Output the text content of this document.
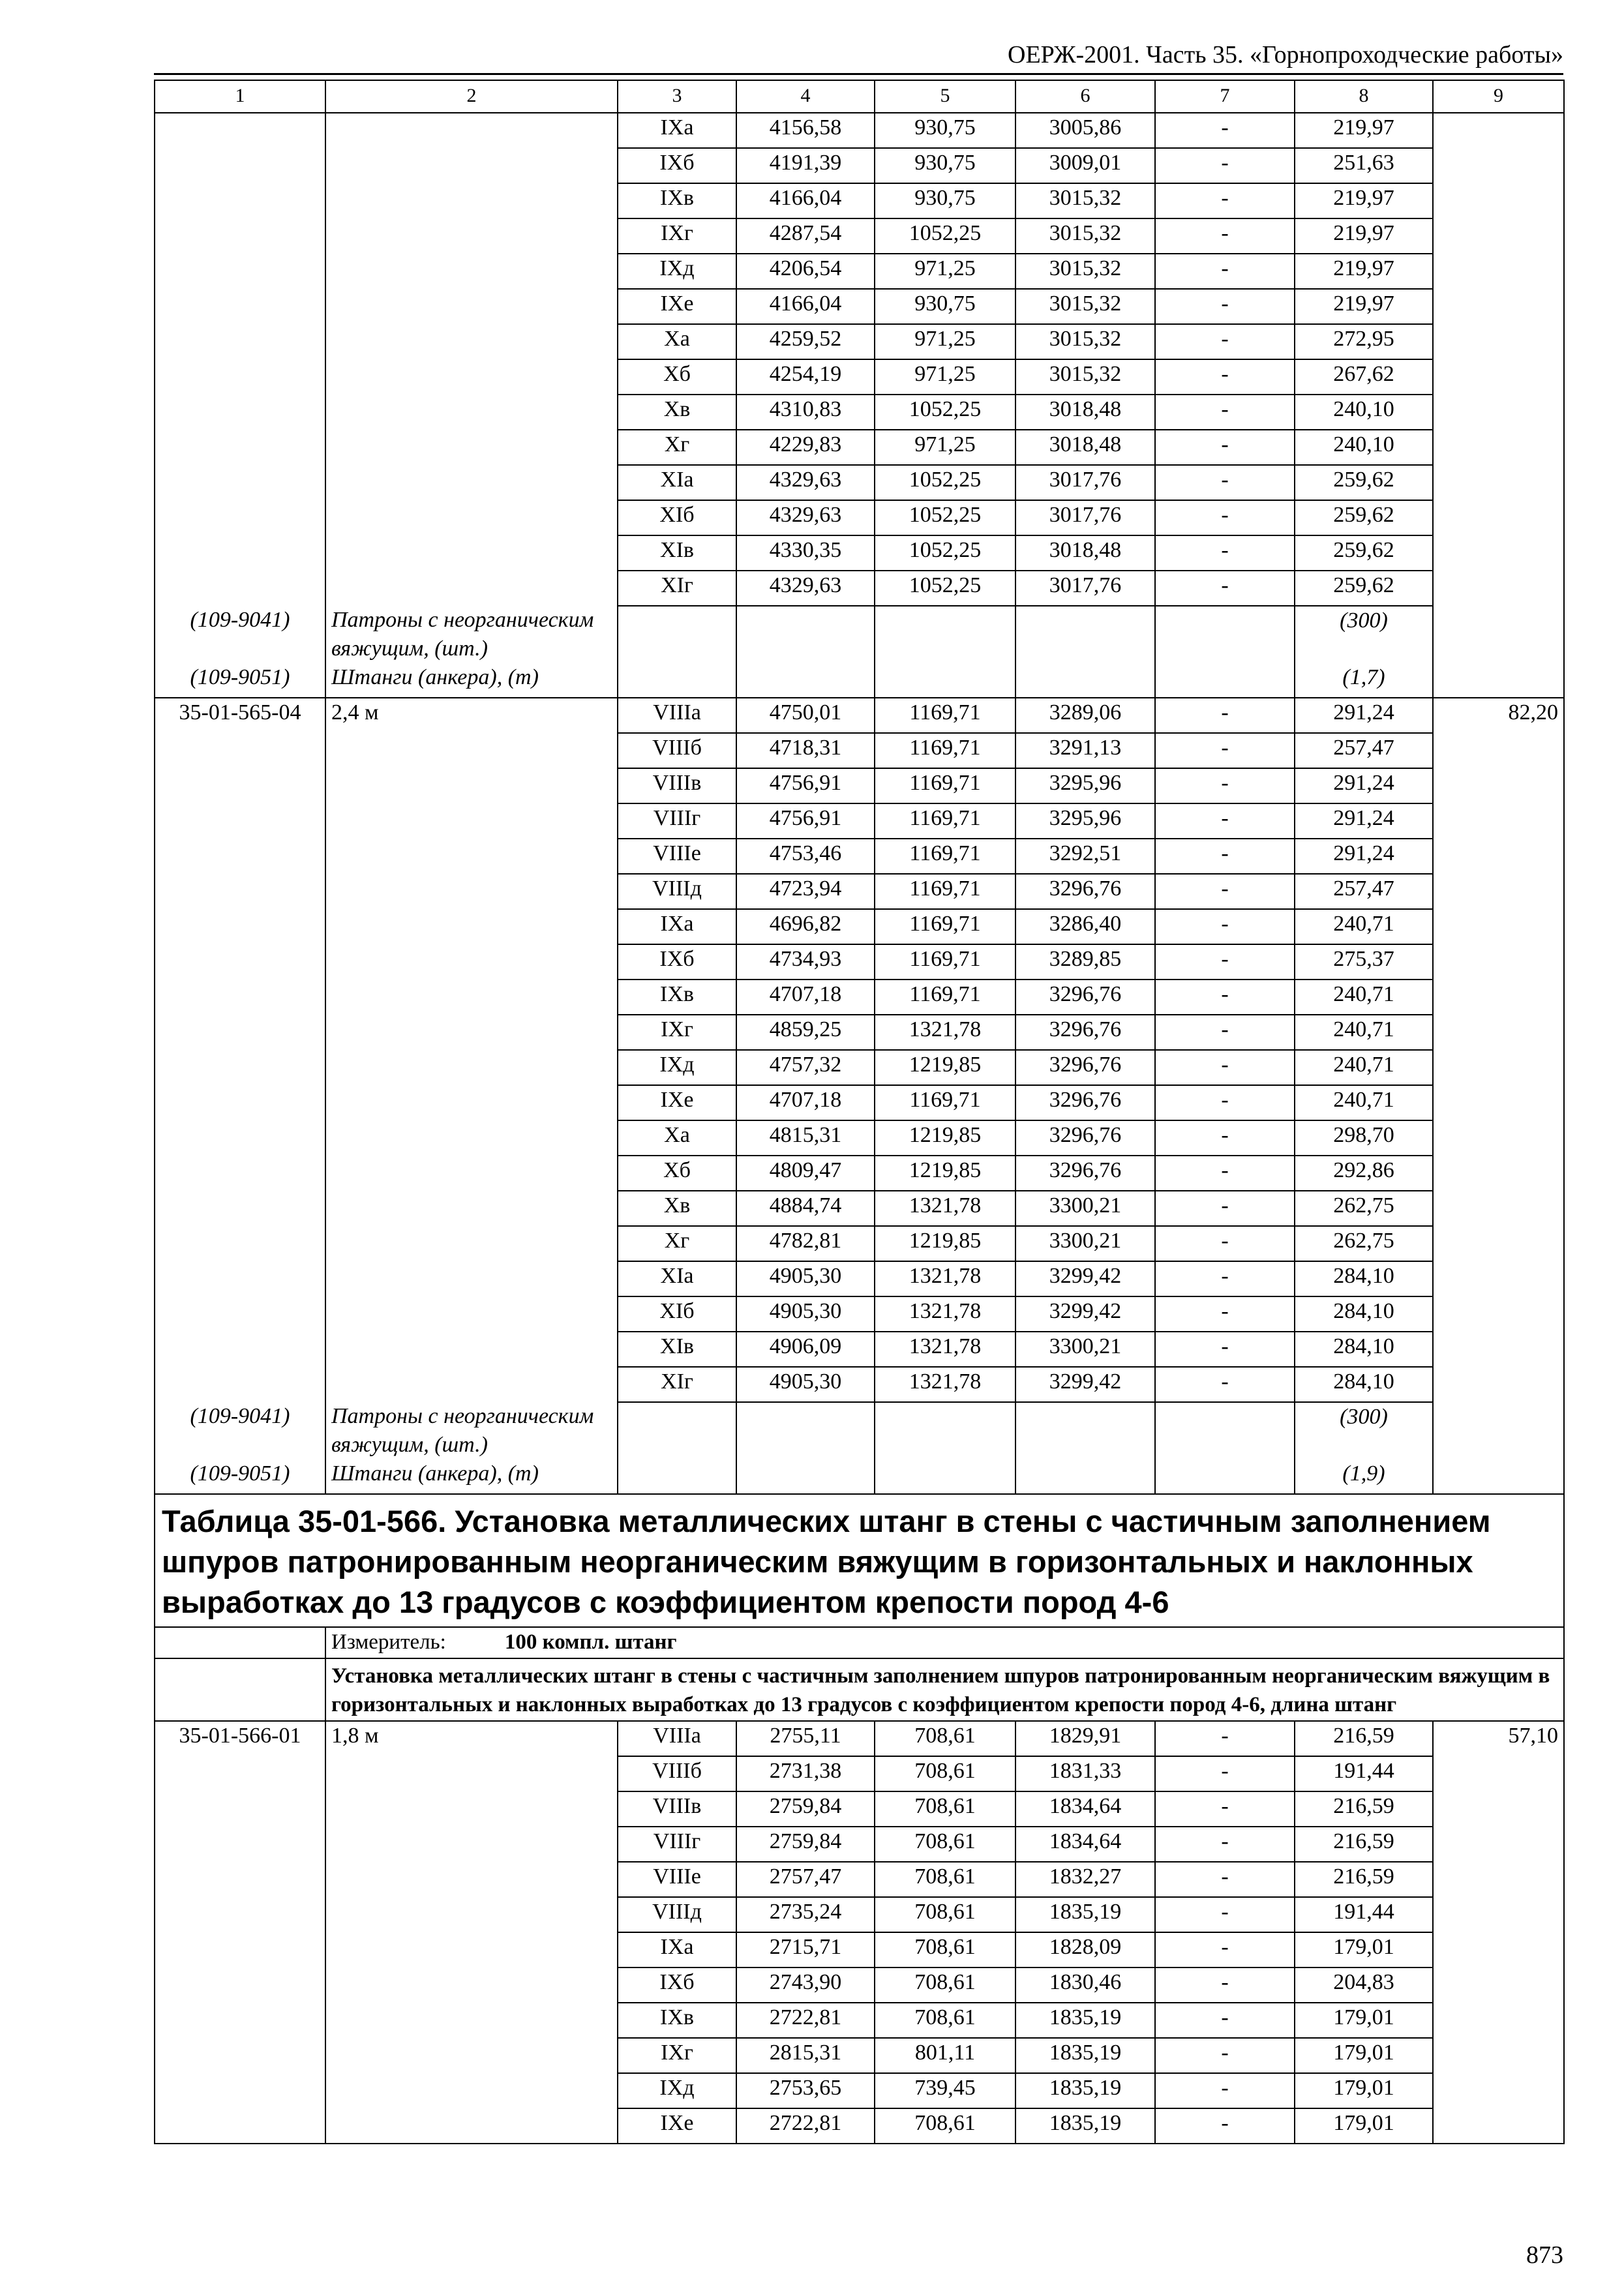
ОЕРЖ-2001. Часть 35. «Горнопроходческие работы»
1	2	3	4	5	6	7	8	9
		IXа	4156,58	930,75	3005,86	-	219,97	
		IXб	4191,39	930,75	3009,01	-	251,63	
		IXв	4166,04	930,75	3015,32	-	219,97	
		IXг	4287,54	1052,25	3015,32	-	219,97	
		IXд	4206,54	971,25	3015,32	-	219,97	
		IXе	4166,04	930,75	3015,32	-	219,97	
		Xа	4259,52	971,25	3015,32	-	272,95	
		Xб	4254,19	971,25	3015,32	-	267,62	
		Xв	4310,83	1052,25	3018,48	-	240,10	
		Xг	4229,83	971,25	3018,48	-	240,10	
		XIа	4329,63	1052,25	3017,76	-	259,62	
		XIб	4329,63	1052,25	3017,76	-	259,62	
		XIв	4330,35	1052,25	3018,48	-	259,62	
		XIг	4329,63	1052,25	3017,76	-	259,62	
(109-9041)	Патроны с неорганическим вяжущим, (шт.)						(300)	
(109-9051)	Штанги (анкера), (т)						(1,7)	
35-01-565-04	2,4 м	VIIIа	4750,01	1169,71	3289,06	-	291,24	82,20
		VIIIб	4718,31	1169,71	3291,13	-	257,47	
		VIIIв	4756,91	1169,71	3295,96	-	291,24	
		VIIIг	4756,91	1169,71	3295,96	-	291,24	
		VIIIе	4753,46	1169,71	3292,51	-	291,24	
		VIIIд	4723,94	1169,71	3296,76	-	257,47	
		IXа	4696,82	1169,71	3286,40	-	240,71	
		IXб	4734,93	1169,71	3289,85	-	275,37	
		IXв	4707,18	1169,71	3296,76	-	240,71	
		IXг	4859,25	1321,78	3296,76	-	240,71	
		IXд	4757,32	1219,85	3296,76	-	240,71	
		IXе	4707,18	1169,71	3296,76	-	240,71	
		Xа	4815,31	1219,85	3296,76	-	298,70	
		Xб	4809,47	1219,85	3296,76	-	292,86	
		Xв	4884,74	1321,78	3300,21	-	262,75	
		Xг	4782,81	1219,85	3300,21	-	262,75	
		XIа	4905,30	1321,78	3299,42	-	284,10	
		XIб	4905,30	1321,78	3299,42	-	284,10	
		XIв	4906,09	1321,78	3300,21	-	284,10	
		XIг	4905,30	1321,78	3299,42	-	284,10	
(109-9041)	Патроны с неорганическим вяжущим, (шт.)						(300)	
(109-9051)	Штанги (анкера), (т)						(1,9)	
Таблица 35-01-566. Установка металлических штанг в стены с частичным заполнением шпуров патронированным неорганическим вяжущим в горизонтальных и наклонных выработках до 13 градусов с коэффициентом крепости пород 4-6								
	Измеритель: 100 компл. штанг							
	Установка металлических штанг в стены с частичным заполнением шпуров патронированным неорганическим вяжущим в горизонтальных и наклонных выработках до 13 градусов с коэффициентом крепости пород 4-6, длина штанг							
35-01-566-01	1,8 м	VIIIа	2755,11	708,61	1829,91	-	216,59	57,10
		VIIIб	2731,38	708,61	1831,33	-	191,44	
		VIIIв	2759,84	708,61	1834,64	-	216,59	
		VIIIг	2759,84	708,61	1834,64	-	216,59	
		VIIIе	2757,47	708,61	1832,27	-	216,59	
		VIIIд	2735,24	708,61	1835,19	-	191,44	
		IXа	2715,71	708,61	1828,09	-	179,01	
		IXб	2743,90	708,61	1830,46	-	204,83	
		IXв	2722,81	708,61	1835,19	-	179,01	
		IXг	2815,31	801,11	1835,19	-	179,01	
		IXд	2753,65	739,45	1835,19	-	179,01	
		IXе	2722,81	708,61	1835,19	-	179,01	
873
